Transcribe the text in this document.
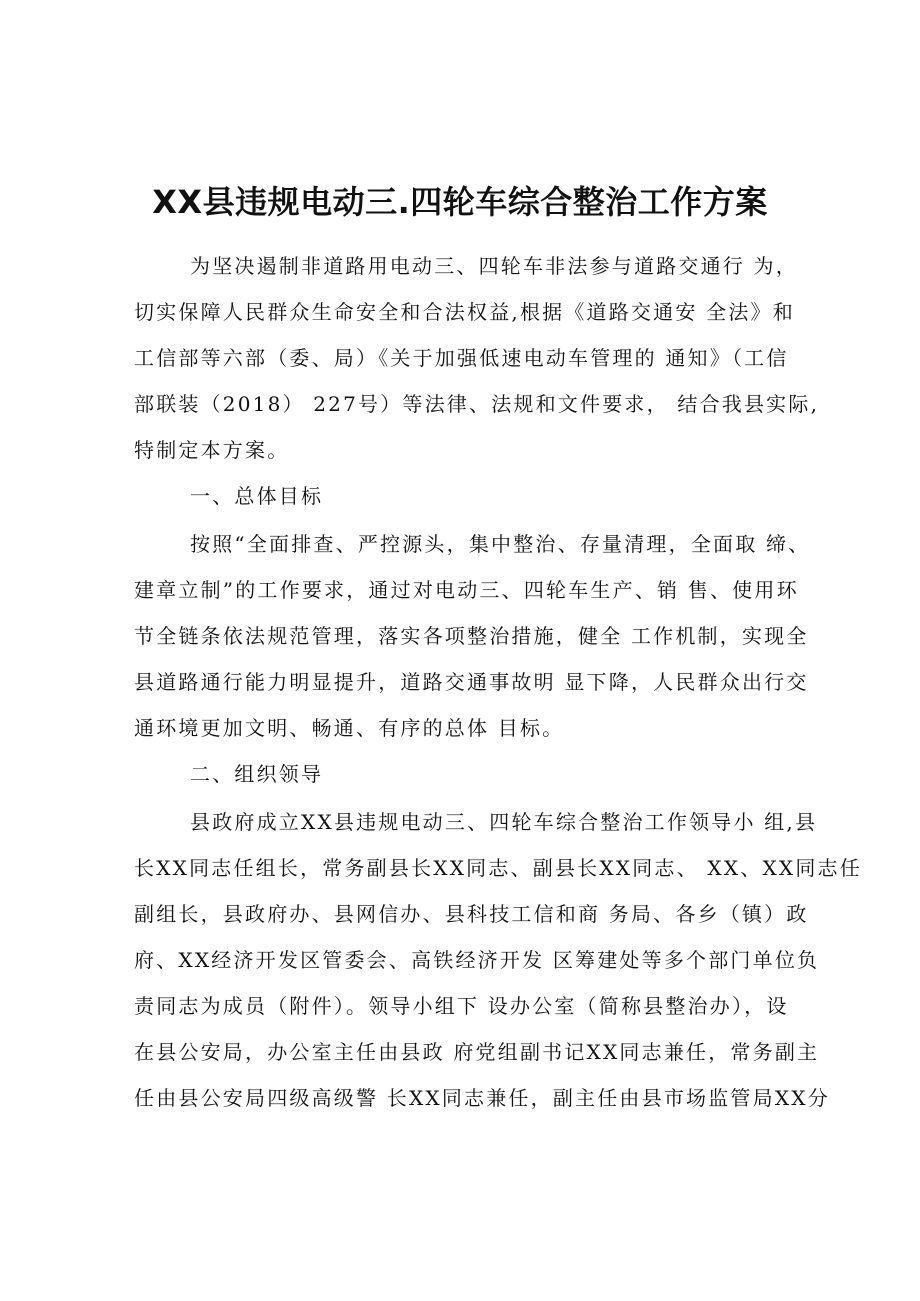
XX县违规电动三.四轮车综合整治工作方案
为坚决遏制非道路用电动三、四轮车非法参与道路交通行 为，
切实保障人民群众生命安全和合法权益,根据《道路交通安 全法》和
工信部等六部（委、局）《关于加强低速电动车管理的 通知》（工信
部联装（2018） 227号）等法律、法规和文件要求， 结合我县实际,
特制定本方案。
一、总体目标
按照“全面排查、严控源头，集中整治、存量清理，全面取 缔、
建章立制”的工作要求，通过对电动三、四轮车生产、销 售、使用环
节全链条依法规范管理，落实各项整治措施，健全 工作机制，实现全
县道路通行能力明显提升，道路交通事故明 显下降，人民群众出行交
通环境更加文明、畅通、有序的总体 目标。
二、组织领导
县政府成立XX县违规电动三、四轮车综合整治工作领导小 组,县
长XX同志任组长，常务副县长XX同志、副县长XX同志、 XX、XX同志任
副组长，县政府办、县网信办、县科技工信和商 务局、各乡（镇）政
府、XX经济开发区管委会、高铁经济开发 区筹建处等多个部门单位负
责同志为成员（附件）。领导小组下 设办公室（简称县整治办），设
在县公安局，办公室主任由县政 府党组副书记XX同志兼任，常务副主
任由县公安局四级高级警 长XX同志兼任，副主任由县市场监管局XX分
